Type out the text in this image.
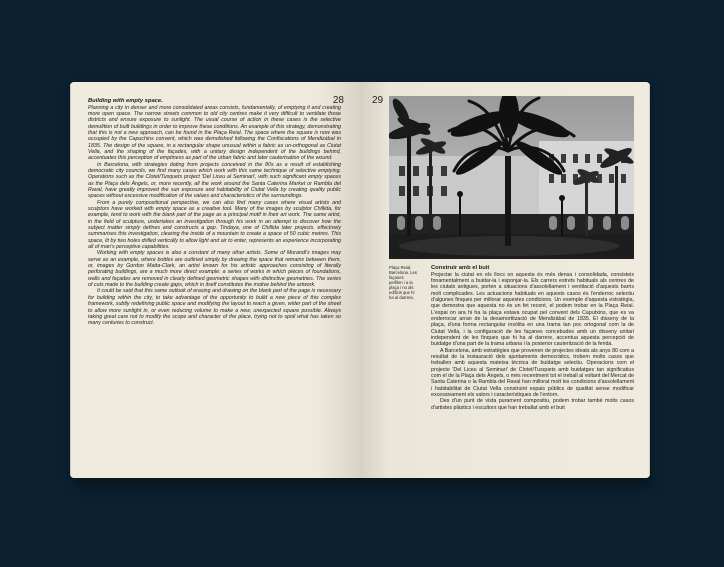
28
Building with empty space.

Planning a city in denser and more consolidated areas consists, fundamentally, of emptying it and creating more open space. The narrow streets common to old city centres make it very difficult to ventilate those districts and ensure exposure to sunlight. The usual course of action in these cases is the selective demolition of built buildings in order to improve these conditions. An example of this strategy, demonstrating that this is not a new approach, can be found in the Plaça Reial. The space where the square is now was occupied by the Capuchins convent, which was demolished following the Confiscations of Mendizábal in 1835. The design of the square, in a rectangular shape unusual within a fabric as un-orthogonal as Ciutat Vella, and the shaping of the façades, with a unitary design independent of the buildings behind, accentuates this perception of emptiness as part of the urban fabric and later cauterisation of the wound.

In Barcelona, with strategies dating from projects conceived in the 80s as a result of establishing democratic city councils, we find many cases which work with this same technique of selective emptying. Operations such as the Clotet/Tusquets project 'Del Liceu al Seminari', with such significant empty spaces as the Plaça dels Àngels, or, more recently, all the work around the Santa Caterina Market or Rambla del Raval, have greatly improved the sun exposure and habitability of Ciutat Vella by creating quality public spaces without excessive modification of the values and characteristics of the surroundings.

From a purely compositional perspective, we can also find many cases where visual artists and sculptors have worked with empty space as a creative tool. Many of the images by sculptor Chillida, for example, tend to work with the blank part of the page as a principal motif in their art work. The same artist, in the field of sculpture, undertakes an investigation through his work in an attempt to discover how the subject matter simply defines and constructs a gap. Tindaya, one of Chillida later projects, effectively summarises this investigation, clearing the inside of a mountain to create a space of 50 cubic metres. This space, lit by two holes drilled vertically to allow light and air to enter, represents an experience incorporating all of man's perceptive capabilities.

Working with empty spaces is also a constant of many other artists. Some of Morandi's images may serve as an example, where bottles are outlined simply by drawing the space that remains between them, or, images by Gordon Matta-Clark, an artist known for his artistic approaches consisting of literally perforating buildings, are a much more direct example: a series of works in which pieces of foundations, walls and façades are removed in clearly defined geometric shapes with distinctive geometries. The series of cuts made to the building create gaps, which in itself constitutes the motive behind the artwork.

It could be said that this same outlook of erasing and drawing on the blank part of the page is necessary for building within the city, to take advantage of the opportunity to build a new piece of this complex framework, subtly redefining public space and modifying the layout to reach a given, wider part of the street to allow more sunlight in, or even reducing volume to make a new, unexpected square possible. Always taking great care not to modify the scope and character of the place, trying not to spoil what has taken so many centuries to construct.

29
Plaça Reial, Barcelona. Les façanes perfilen i a la plaça i no als edificis que hi ha al darrera.
Construir amb el buit

Projectar la ciutat en els llocs on aquesta és més densa i consolidada, consisteix fonamentalment a buidar-la i esponjar-la. Els carrers estrets habituals als centres de les ciutats antigues, porten a situacions d'assolellament i ventilació d'aquests barris molt complicades. Les actuacions habituals en aquests casos és l'enderroc selectiu d'algunes finques per millorar aquestes condicions. Un exemple d'aquesta estratègia, que demostra que aquesta no és un fet recent, el podem trobar en la Plaça Reial. L'espai on ara hi ha la plaça estava ocupat pel convent dels Caputxins, que es va enderrocar arran de la desamortització de Mendizàbal de 1835. El disseny de la plaça, d'una forma rectangular insòlita en una trama tan poc ortogonal com la de Ciutat Vella, i la configuració de les façanes concebudes amb un disseny unitari independent de les finques que hi ha al darrere, accentua aquesta percepció de buidatge d'una part de la trama urbana i la posterior cauterització de la ferida.

A Barcelona, amb estratègies que provenen de projectes ideats als anys 80 com a resultat de la instauració dels ajuntaments democràtics, trobem molts casos que treballen amb aquesta mateixa tècnica de buidatge selectiu. Operacions com el projecte 'Del Liceu al Seminari' de Clotet/Tusquets amb buidatges tan significatius com el de la Plaça dels Àngels, o més recentment tot el treball al voltant del Mercat de Santa Caterina o la Rambla del Raval han millorat molt les condicions d'assolellament i habitabilitat de Ciutat Vella construint espais públics de qualitat sense modificar excessivament els valors i característiques de l'entorn.

Des d'un punt de vista purament compositiu, podem trobar també molts casos d'artistes plàstics i escultors que han treballat amb el buit
